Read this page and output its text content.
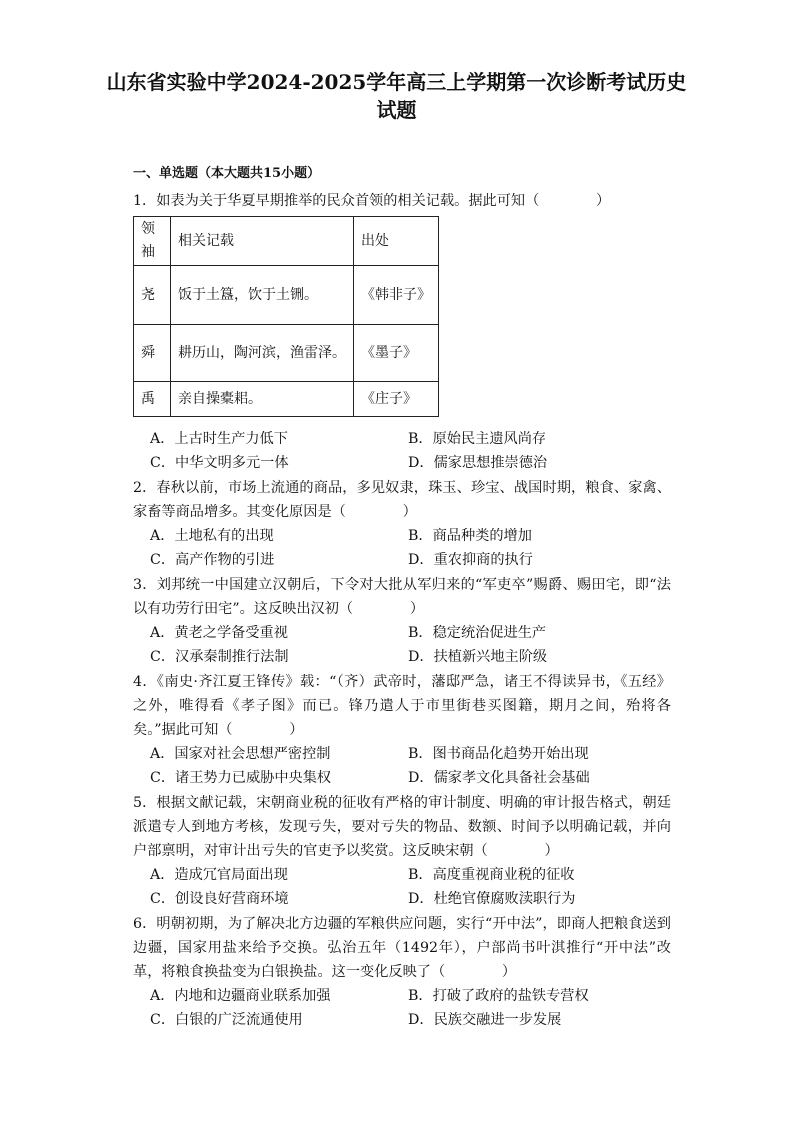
山东省实验中学2024-2025学年高三上学期第一次诊断考试历史试题
一、单选题（本大题共15小题）
1．如表为关于华夏早期推举的民众首领的相关记载。据此可知（　　　　）
领袖	相关记载	出处
尧	饭于土簋，饮于土铏。	《韩非子》
舜	耕历山，陶河滨，渔雷泽。	《墨子》
禹	亲自操橐耜。	《庄子》
A．上古时生产力低下	B．原始民主遗风尚存
C．中华文明多元一体	D．儒家思想推崇德治
2．春秋以前，市场上流通的商品，多见奴隶，珠玉、珍宝、战国时期，粮食、家禽、家畜等商品增多。其变化原因是（　　　　）
A．土地私有的出现	B．商品种类的增加
D．重农抑商的执行
C．高产作物的引进
3．刘邦统一中国建立汉朝后，下令对大批从军归来的“军吏卒”赐爵、赐田宅，即“法以有功劳行田宅”。这反映出汉初（　　　　）
A．黄老之学备受重视	B．稳定统治促进生产
C．汉承秦制推行法制	D．扶植新兴地主阶级
4．《南史·齐江夏王锋传》载：“（齐）武帝时，藩邸严急，诸王不得读异书，《五经》之外，唯得看《孝子图》而已。锋乃遣人于市里街巷买图籍，期月之间，殆将各矣。”据此可知（　　　　）
A．国家对社会思想严密控制	B．图书商品化趋势开始出现
C．诸王势力已威胁中央集权	D．儒家孝文化具备社会基础
5．根据文献记载，宋朝商业税的征收有严格的审计制度、明确的审计报告格式，朝廷派遣专人到地方考核，发现亏失，要对亏失的物品、数额、时间予以明确记载，并向户部禀明，对审计出亏失的官吏予以奖赏。这反映宋朝（　　　　）
A．造成冗官局面出现	B．高度重视商业税的征收
C．创设良好营商环境	D．杜绝官僚腐败渎职行为
6．明朝初期，为了解决北方边疆的军粮供应问题，实行“开中法”，即商人把粮食送到边疆，国家用盐来给予交换。弘治五年（1492年），户部尚书叶淇推行“开中法”改革，将粮食换盐变为白银换盐。这一变化反映了（　　　　）
A．内地和边疆商业联系加强	B．打破了政府的盐铁专营权
C．白银的广泛流通使用	D．民族交融进一步发展
